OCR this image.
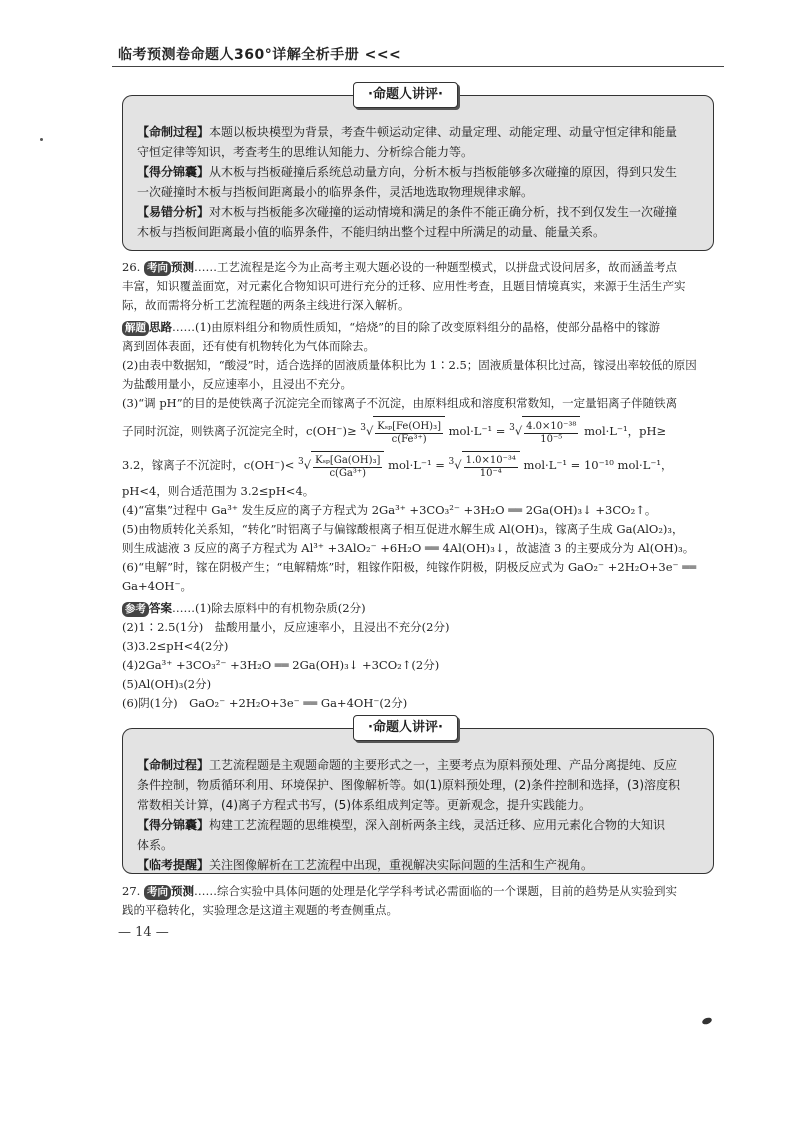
临考预测卷命题人360°详解全析手册 <<<
·命题人讲评·

【命制过程】本题以板块模型为背景，考查牛顿运动定律、动量定理、动能定理、动量守恒定律和能量

守恒定律等知识，考查考生的思维认知能力、分析综合能力等。

【得分锦囊】从木板与挡板碰撞后系统总动量方向，分析木板与挡板能够多次碰撞的原因，得到只发生

一次碰撞时木板与挡板间距离最小的临界条件，灵活地选取物理规律求解。

【易错分析】对木板与挡板能多次碰撞的运动情境和满足的条件不能正确分析，找不到仅发生一次碰撞

木板与挡板间距离最小值的临界条件，不能归纳出整个过程中所满足的动量、能量关系。

26. 考向 预测……工艺流程是迄今为止高考主观大题必设的一种题型模式，以拼盘式设问居多，故而涵盖考点

丰富，知识覆盖面宽，对元素化合物知识可进行充分的迁移、应用性考查，且题目情境真实，来源于生活生产实

际，故而需将分析工艺流程题的两条主线进行深入解析。

解题 思路……(1)由原料组分和物质性质知，“焙烧”的目的除了改变原料组分的晶格，使部分晶格中的镓游

离到固体表面，还有使有机物转化为气体而除去。

(2)由表中数据知，“酸浸”时，适合选择的固液质量体积比为 1∶2.5；固液质量体积比过高，镓浸出率较低的原因

为盐酸用量小，反应速率小，且浸出不充分。

(3)“调 pH”的目的是使铁离子沉淀完全而镓离子不沉淀，由原料组成和溶度积常数知，一定量铝离子伴随铁离

子同时沉淀，则铁离子沉淀完全时，$c(OH^-)\ge ^3√ \frac{\text{Kₛₚ[Fe(OH)₃]}}{\text{c(Fe³⁺)}} mol\cdot L^{-1} = ^3√ \frac{\text{4.0×10⁻³⁸}}{\text{10⁻⁵}} mol\cdot L^{-1}$，pH≥

3.2，镓离子不沉淀时，$c(OH^-)< ^3√ \frac{\text{Kₛₚ[Ga(OH)₃]}}{\text{c(Ga³⁺)}} mol\cdot L^{-1} = ^3√ \frac{\text{1.0×10⁻³⁴}}{\text{10⁻⁴}} mol\cdot L^{-1} = 10^{-10}$ mol·L⁻¹，

pH<4，则合适范围为 3.2≤pH<4。

(4)“富集”过程中 Ga³⁺ 发生反应的离子方程式为 2Ga³⁺ +3CO₃²⁻ +3H₂O ══ 2Ga(OH)₃↓ +3CO₂↑。

(5)由物质转化关系知，“转化”时铝离子与偏镓酸根离子相互促进水解生成 Al(OH)₃，镓离子生成 Ga(AlO₂)₃，

则生成滤液 3 反应的离子方程式为 Al³⁺ +3AlO₂⁻ +6H₂O ══ 4Al(OH)₃↓，故滤渣 3 的主要成分为 Al(OH)₃。

(6)“电解”时，镓在阴极产生；“电解精炼”时，粗镓作阳极，纯镓作阴极，阴极反应式为 GaO₂⁻ +2H₂O+3e⁻ ══

Ga+4OH⁻。

参考 答案……(1)除去原料中的有机物杂质(2分)

(2)1∶2.5(1分)　盐酸用量小，反应速率小，且浸出不充分(2分)

(3)3.2≤pH<4(2分)

(4)2Ga³⁺ +3CO₃²⁻ +3H₂O ══ 2Ga(OH)₃↓ +3CO₂↑(2分)

(5)Al(OH)₃(2分)

(6)阴(1分)　GaO₂⁻ +2H₂O+3e⁻ ══ Ga+4OH⁻(2分)

·命题人讲评·

【命制过程】工艺流程题是主观题命题的主要形式之一，主要考点为原料预处理、产品分离提纯、反应

条件控制，物质循环利用、环境保护、图像解析等。如(1)原料预处理，(2)条件控制和选择，(3)溶度积

常数相关计算，(4)离子方程式书写，(5)体系组成判定等。更新观念，提升实践能力。

【得分锦囊】构建工艺流程题的思维模型，深入剖析两条主线，灵活迁移、应用元素化合物的大知识

体系。

【临考提醒】关注图像解析在工艺流程中出现，重视解决实际问题的生活和生产视角。

27. 考向 预测……综合实验中具体问题的处理是化学学科考试必需面临的一个课题，目前的趋势是从实验到实

践的平稳转化，实验理念是这道主观题的考查侧重点。

— 14 —
